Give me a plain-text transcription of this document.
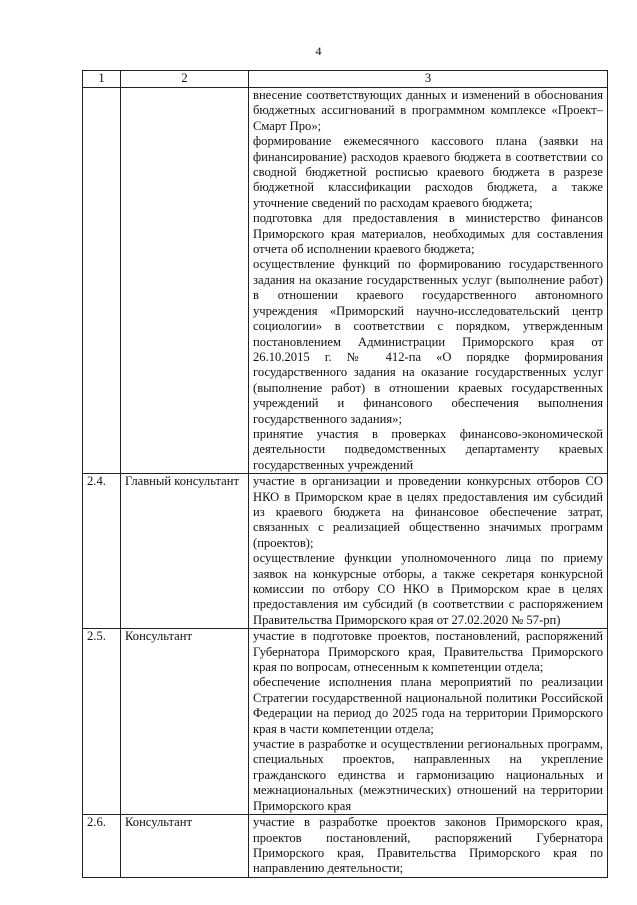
4
1	2	3

		внесение соответствующих данных и изменений в обоснования бюджетных ассигнований в программном комплексе «Проект–Смарт Про»;

формирование ежемесячного кассового плана (заявки на финансирование) расходов краевого бюджета в соответствии со сводной бюджетной росписью краевого бюджета в разрезе бюджетной классификации расходов бюджета, а также уточнение сведений по расходам краевого бюджета;

подготовка для предоставления в министерство финансов Приморского края материалов, необходимых для составления отчета об исполнении краевого бюджета;

осуществление функций по формированию государственного задания на оказание государственных услуг (выполнение работ) в отношении краевого государственного автономного учреждения «Приморский научно-исследовательский центр социологии» в соответствии с порядком, утвержденным постановлением Администрации Приморского края от 26.10.2015 г. № 412-па «О порядке формирования государственного задания на оказание государственных услуг (выполнение работ) в отношении краевых государственных учреждений и финансового обеспечения выполнения государственного задания»;

принятие участия в проверках финансово-экономической деятельности подведомственных департаменту краевых государственных учреждений

2.4.	Главный консультант	участие в организации и проведении конкурсных отборов СО НКО в Приморском крае в целях предоставления им субсидий из краевого бюджета на финансовое обеспечение затрат, связанных с реализацией общественно значимых программ (проектов);

осуществление функции уполномоченного лица по приему заявок на конкурсные отборы, а также секретаря конкурсной комиссии по отбору СО НКО в Приморском крае в целях предоставления им субсидий (в соответствии с распоряжением Правительства Приморского края от 27.02.2020 № 57-рп)

2.5.	Консультант	участие в подготовке проектов, постановлений, распоряжений Губернатора Приморского края, Правительства Приморского края по вопросам, отнесенным к компетенции отдела;

обеспечение исполнения плана мероприятий по реализации Стратегии государственной национальной политики Российской Федерации на период до 2025 года на территории Приморского края в части компетенции отдела;

участие в разработке и осуществлении региональных программ, специальных проектов, направленных на укрепление гражданского единства и гармонизацию национальных и межнациональных (межэтнических) отношений на территории Приморского края

2.6.	Консультант	участие в разработке проектов законов Приморского края, проектов постановлений, распоряжений Губернатора Приморского края, Правительства Приморского края по направлению деятельности;
